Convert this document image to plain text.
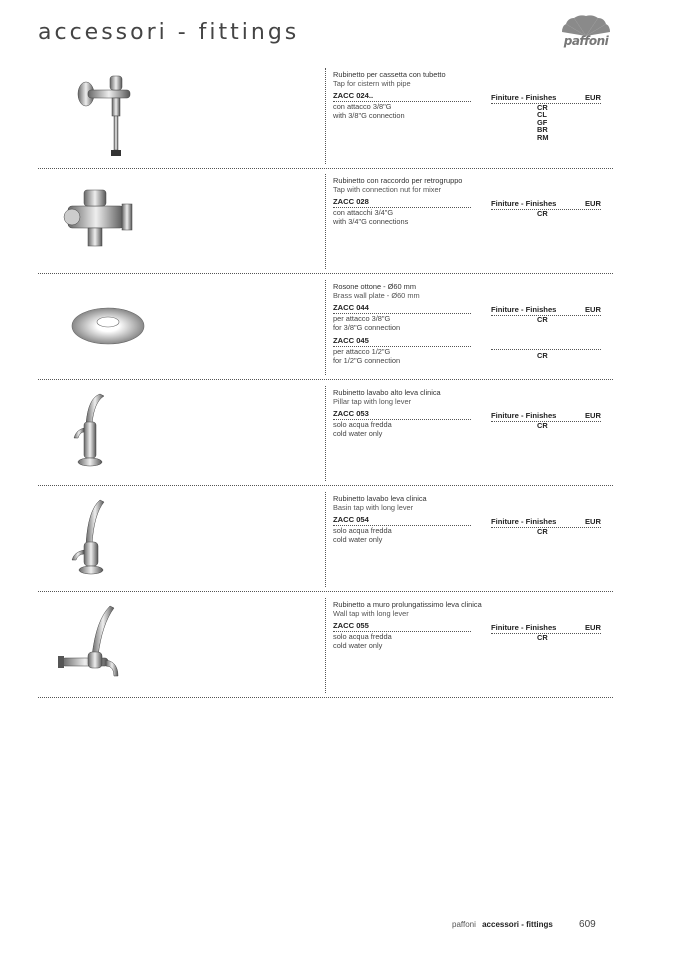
accessori - fittings	paffoni
Rubinetto per cassetta con tubetto
Tap for cistern with pipe
ZACC 024..
con attacco 3/8"G
with 3/8"G connection
Finiture - Finishes	EUR
CR
CL
GF
BR
RM
Rubinetto con raccordo per retrogruppo
Tap with connection nut for mixer
ZACC 028
con attacchi 3/4"G
with 3/4"G connections
Finiture - Finishes	EUR
CR
Rosone ottone - Ø60 mm
Brass wall plate - Ø60 mm
ZACC 044
per attacco 3/8"G
for 3/8"G connection
ZACC 045
per attacco 1/2"G
for 1/2"G connection
Finiture - Finishes	EUR
CR
CR
Rubinetto lavabo alto leva clinica
Pillar tap with long lever
ZACC 053
solo acqua fredda
cold water only
Finiture - Finishes	EUR
CR
Rubinetto lavabo leva clinica
Basin tap with long lever
ZACC 054
solo acqua fredda
cold water only
Finiture - Finishes	EUR
CR
Rubinetto a muro prolungatissimo leva clinica
Wall tap with long lever
ZACC 055
solo acqua fredda
cold water only
Finiture - Finishes	EUR
CR
paffoni accessori - fittings	609
